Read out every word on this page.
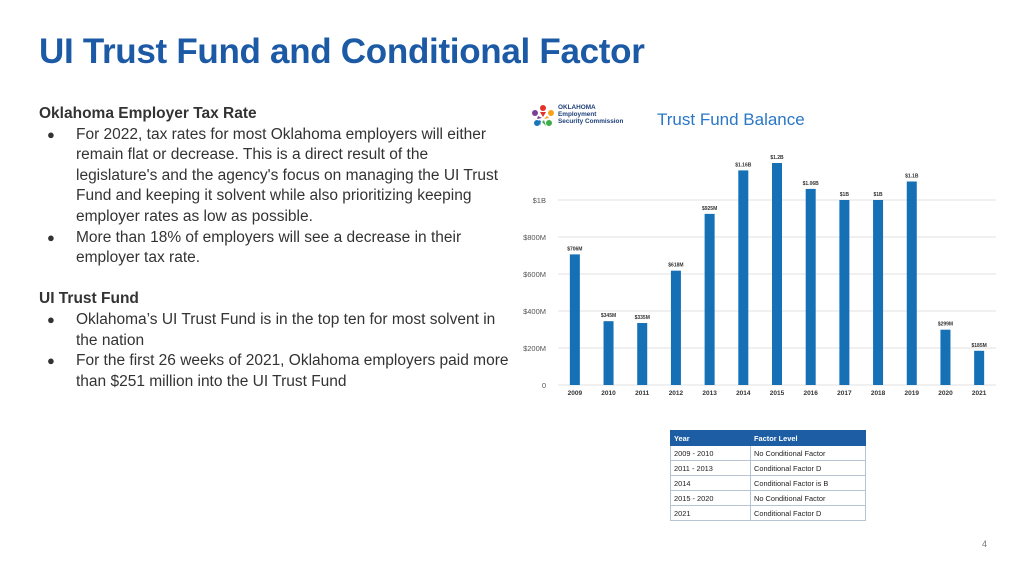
UI Trust Fund and Conditional Factor
Oklahoma Employer Tax Rate
● For 2022, tax rates for most Oklahoma employers will either remain flat or decrease. This is a direct result of the legislature's and the agency's focus on managing the UI Trust Fund and keeping it solvent while also prioritizing keeping employer rates as low as possible.
● More than 18% of employers will see a decrease in their employer tax rate.
UI Trust Fund
● Oklahoma’s UI Trust Fund is in the top ten for most solvent in the nation
● For the first 26 weeks of 2021, Oklahoma employers paid more than $251 million into the UI Trust Fund
OKLAHOMA
Employment
Security Commission Trust Fund Balance
0
$200M
$400M
$600M
$800M
$1B
$706M
2009
$345M
2010
$335M
2011
$618M
2012
$925M
2013
$1.16B
2014
$1.2B
2015
$1.06B
2016
$1B
2017
$1B
2018
$1.1B
2019
$299M
2020
$185M
2021
Year	Factor Level
2009 - 2010	No Conditional Factor
2011 - 2013	Conditional Factor D
2014	Conditional Factor is B
2015 - 2020	No Conditional Factor
2021	Conditional Factor D
4
